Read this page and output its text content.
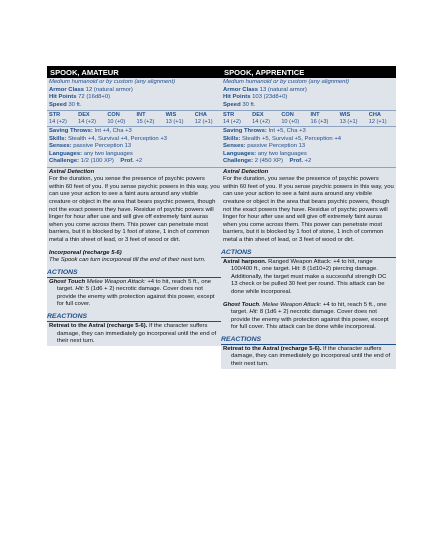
SPOOK, AMATEUR
Medium humanoid or by custom (any alignment)
Armor Class 12 (natural armor)
Hit Points 72 (16d8+0)
Speed 30 ft.
STR	DEX	CON	INT	WIS	CHA
14 (+2)	14 (+2)	10 (+0)	15 (+2)	13 (+1)	12 (+1)
Saving Throws: Int +4, Cha +3
Skills: Stealth +4, Survival +4, Perception +3
Senses: passive Perception 13
Languages: any two languages
Challenge: 1/2 (100 XP) Prof. +2
Astral Detection
For the duration, you sense the presence of psychic powers within 60 feet of you. If you sense psychic powers in this way, you can use your action to see a faint aura around any visible creature or object in the area that bears psychic powers, though not the exact powers they have. Residue of psychic powers will linger for hour after use and will give off extremely faint auras when you come across them. This power can penetrate most barriers, but it is blocked by 1 foot of stone, 1 inch of common metal a thin sheet of lead, or 3 feet of wood or dirt.
Incorporeal (recharge 5-6)
The Spook can turn incorporeal till the end of their next turn.
ACTIONS
Ghost Touch Melee Weapon Attack: +4 to hit, reach 5 ft., one target. Hit: 5 (1d6 + 2) necrotic damage. Cover does not provide the enemy with protection against this power, except for full cover.
REACTIONS
Retreat to the Astral (recharge 5-6). If the character suffers damage, they can immediately go incorporeal until the end of their next turn.
SPOOK, APPRENTICE
Medium humanoid or by custom (any alignment)
Armor Class 13 (natural armor)
Hit Points 103 (23d8+0)
Speed 30 ft.
STR	DEX	CON	INT	WIS	CHA
14 (+2)	14 (+2)	10 (+0)	16 (+3)	13 (+1)	12 (+1)
Saving Throws: Int +5, Cha +3
Skills: Stealth +5, Survival +5, Perception +4
Senses: passive Perception 13
Languages: any two languages
Challenge: 2 (450 XP) Prof. +2
Astral Detection
For the duration, you sense the presence of psychic powers within 60 feet of you. If you sense psychic powers in this way, you can use your action to see a faint aura around any visible creature or object in the area that bears psychic powers, though not the exact powers they have. Residue of psychic powers will linger for hour after use and will give off extremely faint auras when you come across them. This power can penetrate most barriers, but it is blocked by 1 foot of stone, 1 inch of common metal a thin sheet of lead, or 3 feet of wood or dirt.
ACTIONS
Astral harpoon. Ranged Weapon Attack: +4 to hit, range 100/400 ft., one target. Hit: 8 (1d10+2) piercing damage. Additionally, the target must make a successful strength DC 13 check or be pulled 30 feet per round. This attack can be done while incorporeal.
Ghost Touch. Melee Weapon Attack: +4 to hit, reach 5 ft., one target. Hit: 8 (1d6 + 2) necrotic damage. Cover does not provide the enemy with protection against this power, except for full cover. This attack can be done while incorporeal.
REACTIONS
Retreat to the Astral (recharge 5-6). If the character suffers damage, they can immediately go incorporeal until the end of their next turn.
